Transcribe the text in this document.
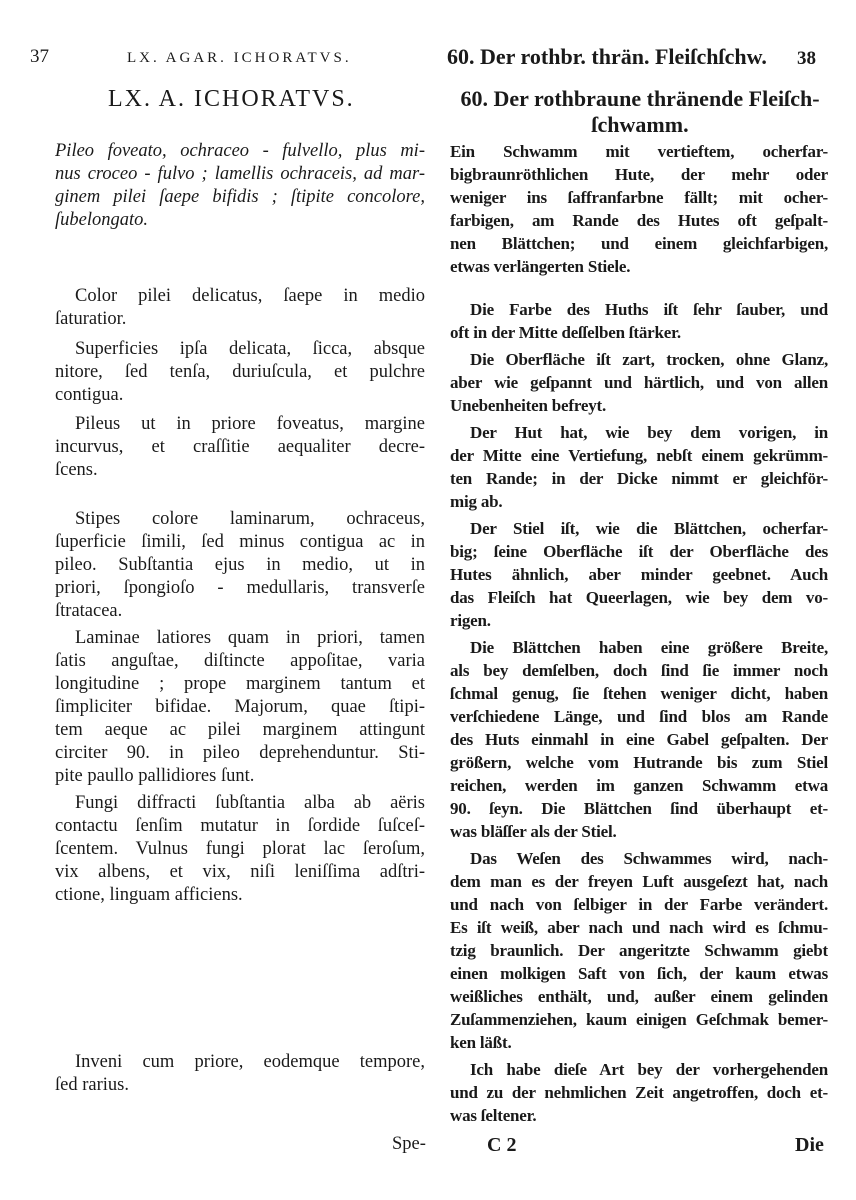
37	LX. AGAR. ICHORATVS.
LX. A. ICHORATVS.
Pileo foveato, ochraceo - fulvello, plus mi-
nus croceo - fulvo ; lamellis ochraceis, ad mar-
ginem pilei ſaepe bifidis ; ſtipite concolore,
ſubelongato.
Color pilei delicatus, ſaepe in medio
ſaturatior.
Superficies ipſa delicata, ſicca, absque
nitore, ſed tenſa, duriuſcula, et pulchre
contigua.
Pileus ut in priore foveatus, margine
incurvus, et craſſitie aequaliter decre-
ſcens.
Stipes colore laminarum, ochraceus,
ſuperficie ſimili, ſed minus contigua ac in
pileo. Subſtantia ejus in medio, ut in
priori, ſpongioſo - medullaris, transverſe
ſtratacea.
Laminae latiores quam in priori, tamen
ſatis anguſtae, diſtincte appoſitae, varia
longitudine ; prope marginem tantum et
ſimpliciter bifidae. Majorum, quae ſtipi-
tem aeque ac pilei marginem attingunt
circiter 90. in pileo deprehenduntur. Sti-
pite paullo pallidiores ſunt.
Fungi diffracti ſubſtantia alba ab aëris
contactu ſenſim mutatur in ſordide ſuſceſ-
ſcentem. Vulnus fungi plorat lac ſeroſum,
vix albens, et vix, niſi leniſſima adſtri-
ctione, linguam afficiens.
Inveni cum priore, eodemque tempore,
ſed rarius.
Spe-
60. Der rothbr. thrän. Fleiſchſchw. 38
60. Der rothbraune thränende Fleiſch-
ſchwamm.
Ein Schwamm mit vertieftem, ocherfar-
bigbraunröthlichen Hute, der mehr oder
weniger ins ſaffranfarbne fällt; mit ocher-
farbigen, am Rande des Hutes oft geſpalt-
nen Blättchen; und einem gleichfarbigen,
etwas verlängerten Stiele.
Die Farbe des Huths iſt ſehr ſauber, und
oft in der Mitte deſſelben ſtärker.
Die Oberfläche iſt zart, trocken, ohne Glanz,
aber wie geſpannt und härtlich, und von allen
Unebenheiten befreyt.
Der Hut hat, wie bey dem vorigen, in
der Mitte eine Vertiefung, nebſt einem gekrümm-
ten Rande; in der Dicke nimmt er gleichför-
mig ab.
Der Stiel iſt, wie die Blättchen, ocherfar-
big; ſeine Oberfläche iſt der Oberfläche des
Hutes ähnlich, aber minder geebnet. Auch
das Fleiſch hat Queerlagen, wie bey dem vo-
rigen.
Die Blättchen haben eine größere Breite,
als bey demſelben, doch ſind ſie immer noch
ſchmal genug, ſie ſtehen weniger dicht, haben
verſchiedene Länge, und ſind blos am Rande
des Huts einmahl in eine Gabel geſpalten. Der
größern, welche vom Hutrande bis zum Stiel
reichen, werden im ganzen Schwamm etwa
90. ſeyn. Die Blättchen ſind überhaupt et-
was bläſſer als der Stiel.
Das Weſen des Schwammes wird, nach-
dem man es der freyen Luft ausgeſezt hat, nach
und nach von ſelbiger in der Farbe verändert.
Es iſt weiß, aber nach und nach wird es ſchmu-
tzig braunlich. Der angeritzte Schwamm giebt
einen molkigen Saft von ſich, der kaum etwas
weißliches enthält, und, außer einem gelinden
Zuſammenziehen, kaum einigen Geſchmak bemer-
ken läßt.
Ich habe dieſe Art bey der vorhergehenden
und zu der nehmlichen Zeit angetroffen, doch et-
was ſeltener.
C 2	Die
